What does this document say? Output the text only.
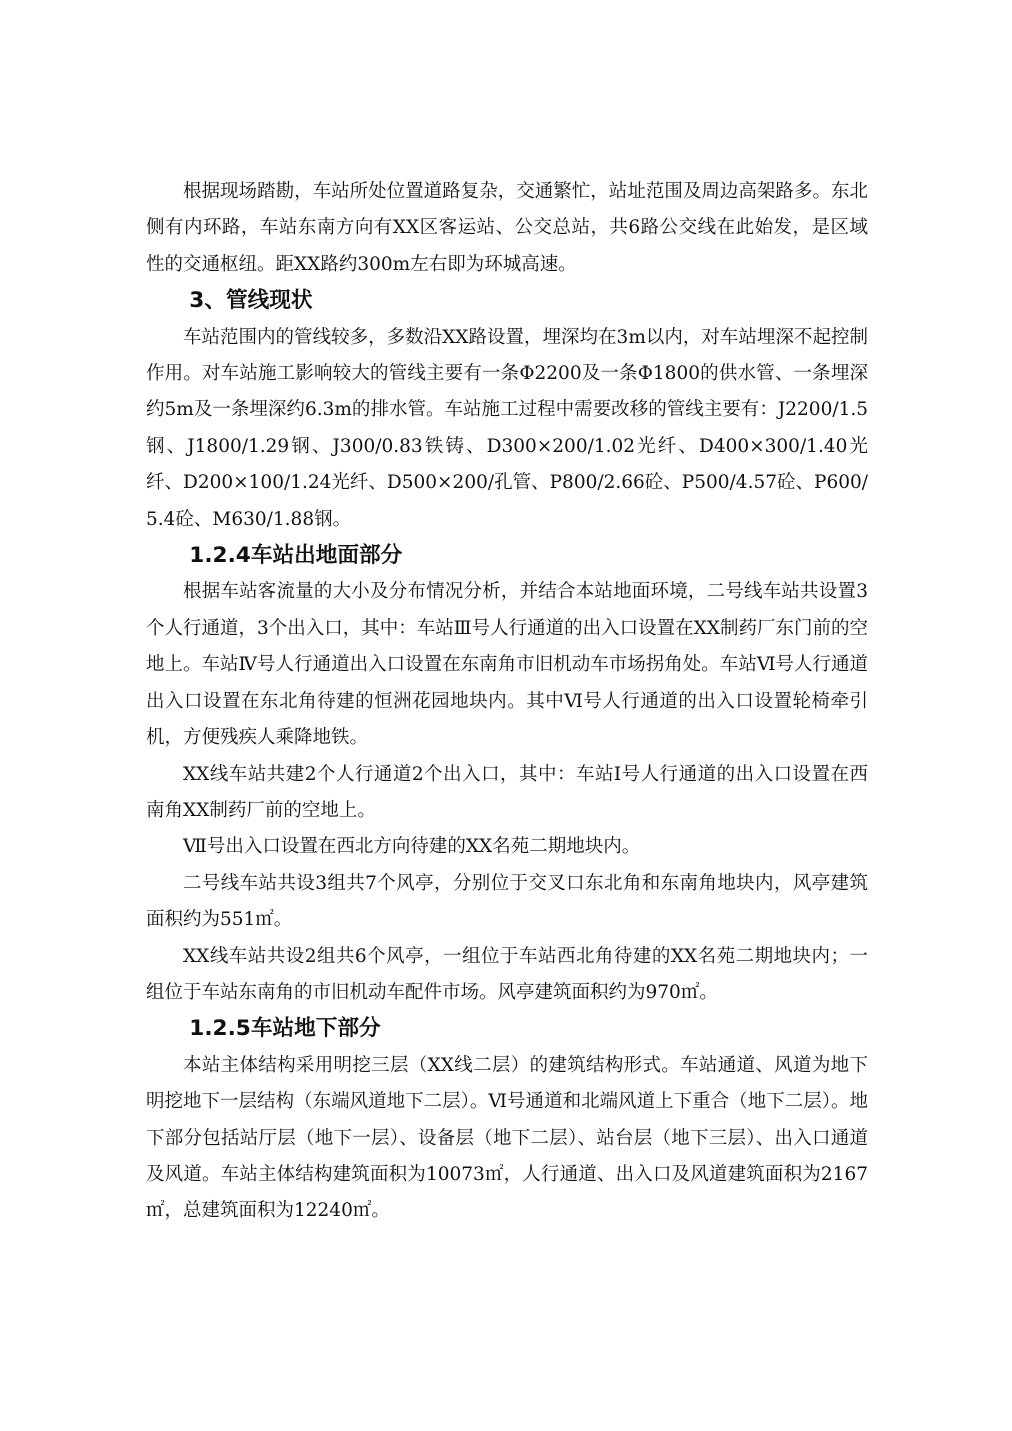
根据现场踏勘，车站所处位置道路复杂，交通繁忙，站址范围及周边高架路多。东北侧有内环路，车站东南方向有XX区客运站、公交总站，共6路公交线在此始发，是区域性的交通枢纽。距XX路约300m左右即为环城高速。

3、管线现状

车站范围内的管线较多，多数沿XX路设置，埋深均在3m以内，对车站埋深不起控制作用。对车站施工影响较大的管线主要有一条Φ2200及一条Φ1800的供水管、一条埋深约5m及一条埋深约6.3m的排水管。车站施工过程中需要改移的管线主要有：J2200/1.5钢、J1800/1.29钢、J300/0.83铁铸、D300×200/1.02光纤、D400×300/1.40光纤、D200×100/1.24光纤、D500×200/孔管、P800/2.66砼、P500/4.57砼、P600/5.4砼、M630/1.88钢。

1.2.4车站出地面部分

根据车站客流量的大小及分布情况分析，并结合本站地面环境，二号线车站共设置3个人行通道，3个出入口，其中：车站Ⅲ号人行通道的出入口设置在XX制药厂东门前的空地上。车站Ⅳ号人行通道出入口设置在东南角市旧机动车市场拐角处。车站Ⅵ号人行通道出入口设置在东北角待建的恒洲花园地块内。其中Ⅵ号人行通道的出入口设置轮椅牵引机，方便残疾人乘降地铁。

XX线车站共建2个人行通道2个出入口，其中：车站Ⅰ号人行通道的出入口设置在西南角XX制药厂前的空地上。

Ⅶ号出入口设置在西北方向待建的XX名苑二期地块内。

二号线车站共设3组共7个风亭，分别位于交叉口东北角和东南角地块内，风亭建筑面积约为551㎡。

XX线车站共设2组共6个风亭，一组位于车站西北角待建的XX名苑二期地块内；一组位于车站东南角的市旧机动车配件市场。风亭建筑面积约为970㎡。

1.2.5车站地下部分

本站主体结构采用明挖三层（XX线二层）的建筑结构形式。车站通道、风道为地下明挖地下一层结构（东端风道地下二层）。Ⅵ号通道和北端风道上下重合（地下二层）。地下部分包括站厅层（地下一层）、设备层（地下二层）、站台层（地下三层）、出入口通道及风道。车站主体结构建筑面积为10073㎡，人行通道、出入口及风道建筑面积为2167㎡，总建筑面积为12240㎡。
